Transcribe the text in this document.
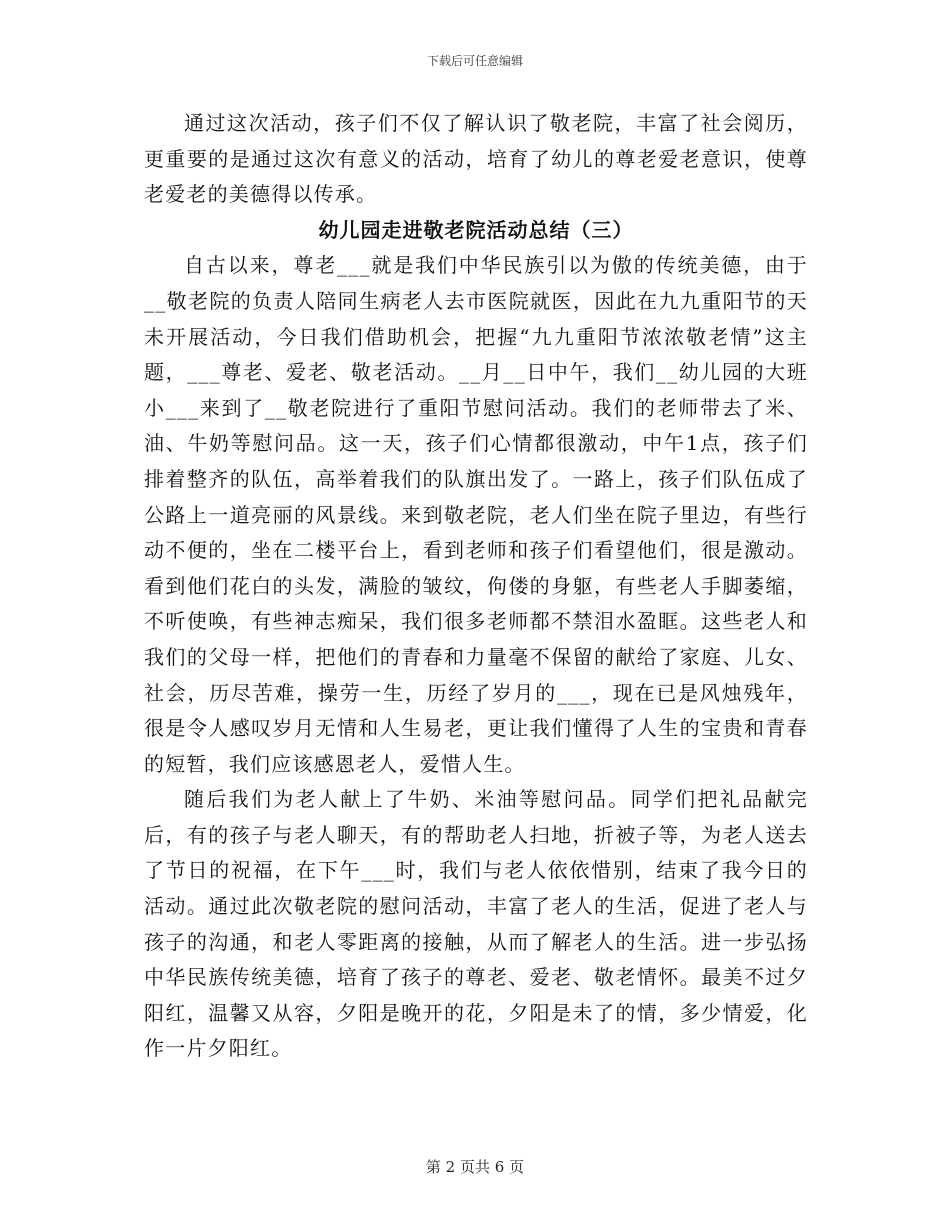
下载后可任意编辑

通过这次活动，孩子们不仅了解认识了敬老院，丰富了社会阅历，更重要的是通过这次有意义的活动，培育了幼儿的尊老爱老意识，使尊老爱老的美德得以传承。

幼儿园走进敬老院活动总结（三）

自古以来，尊老___就是我们中华民族引以为傲的传统美德，由于__敬老院的负责人陪同生病老人去市医院就医，因此在九九重阳节的天未开展活动，今日我们借助机会，把握“九九重阳节浓浓敬老情”这主题，___尊老、爱老、敬老活动。__月__日中午，我们__幼儿园的大班小___来到了__敬老院进行了重阳节慰问活动。我们的老师带去了米、油、牛奶等慰问品。这一天，孩子们心情都很激动，中午1点，孩子们排着整齐的队伍，高举着我们的队旗出发了。一路上，孩子们队伍成了公路上一道亮丽的风景线。来到敬老院，老人们坐在院子里边，有些行动不便的，坐在二楼平台上，看到老师和孩子们看望他们，很是激动。看到他们花白的头发，满脸的皱纹，佝偻的身躯，有些老人手脚萎缩，不听使唤，有些神志痴呆，我们很多老师都不禁泪水盈眶。这些老人和我们的父母一样，把他们的青春和力量毫不保留的献给了家庭、儿女、社会，历尽苦难，操劳一生，历经了岁月的___，现在已是风烛残年，很是令人感叹岁月无情和人生易老，更让我们懂得了人生的宝贵和青春的短暂，我们应该感恩老人，爱惜人生。

随后我们为老人献上了牛奶、米油等慰问品。同学们把礼品献完后，有的孩子与老人聊天，有的帮助老人扫地，折被子等，为老人送去了节日的祝福，在下午___时，我们与老人依依惜别，结束了我今日的活动。通过此次敬老院的慰问活动，丰富了老人的生活，促进了老人与孩子的沟通，和老人零距离的接触，从而了解老人的生活。进一步弘扬中华民族传统美德，培育了孩子的尊老、爱老、敬老情怀。最美不过夕阳红，温馨又从容，夕阳是晚开的花，夕阳是未了的情，多少情爱，化作一片夕阳红。

第 2 页共 6 页
